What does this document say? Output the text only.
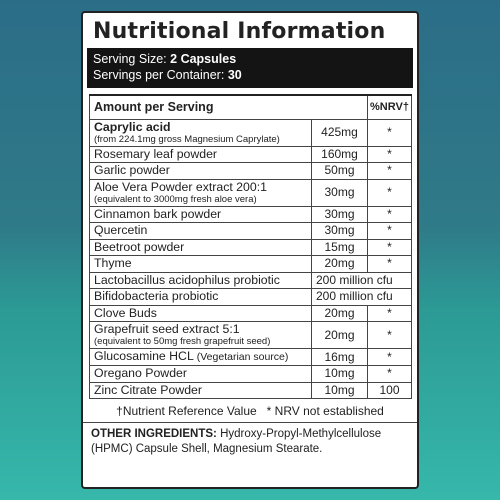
Nutritional Information
Serving Size: 2 Capsules
Servings per Container: 30
Amount per Serving		%NRV†
Caprylic acid
(from 224.1mg gross Magnesium Caprylate)	425mg	*
Rosemary leaf powder	160mg	*
Garlic powder	50mg	*
Aloe Vera Powder extract 200:1
(equivalent to 3000mg fresh aloe vera)	30mg	*
Cinnamon bark powder	30mg	*
Quercetin	30mg	*
Beetroot powder	15mg	*
Thyme	20mg	*
Lactobacillus acidophilus probiotic	200 million cfu	
Bifidobacteria probiotic	200 million cfu	
Clove Buds	20mg	*
Grapefruit seed extract 5:1
(equivalent to 50mg fresh grapefruit seed)	20mg	*
Glucosamine HCL (Vegetarian source)	16mg	*
Oregano Powder	10mg	*
Zinc Citrate Powder	10mg	100
†Nutrient Reference Value   * NRV not established
OTHER INGREDIENTS: Hydroxy-Propyl-Methylcellulose (HPMC) Capsule Shell, Magnesium Stearate.
